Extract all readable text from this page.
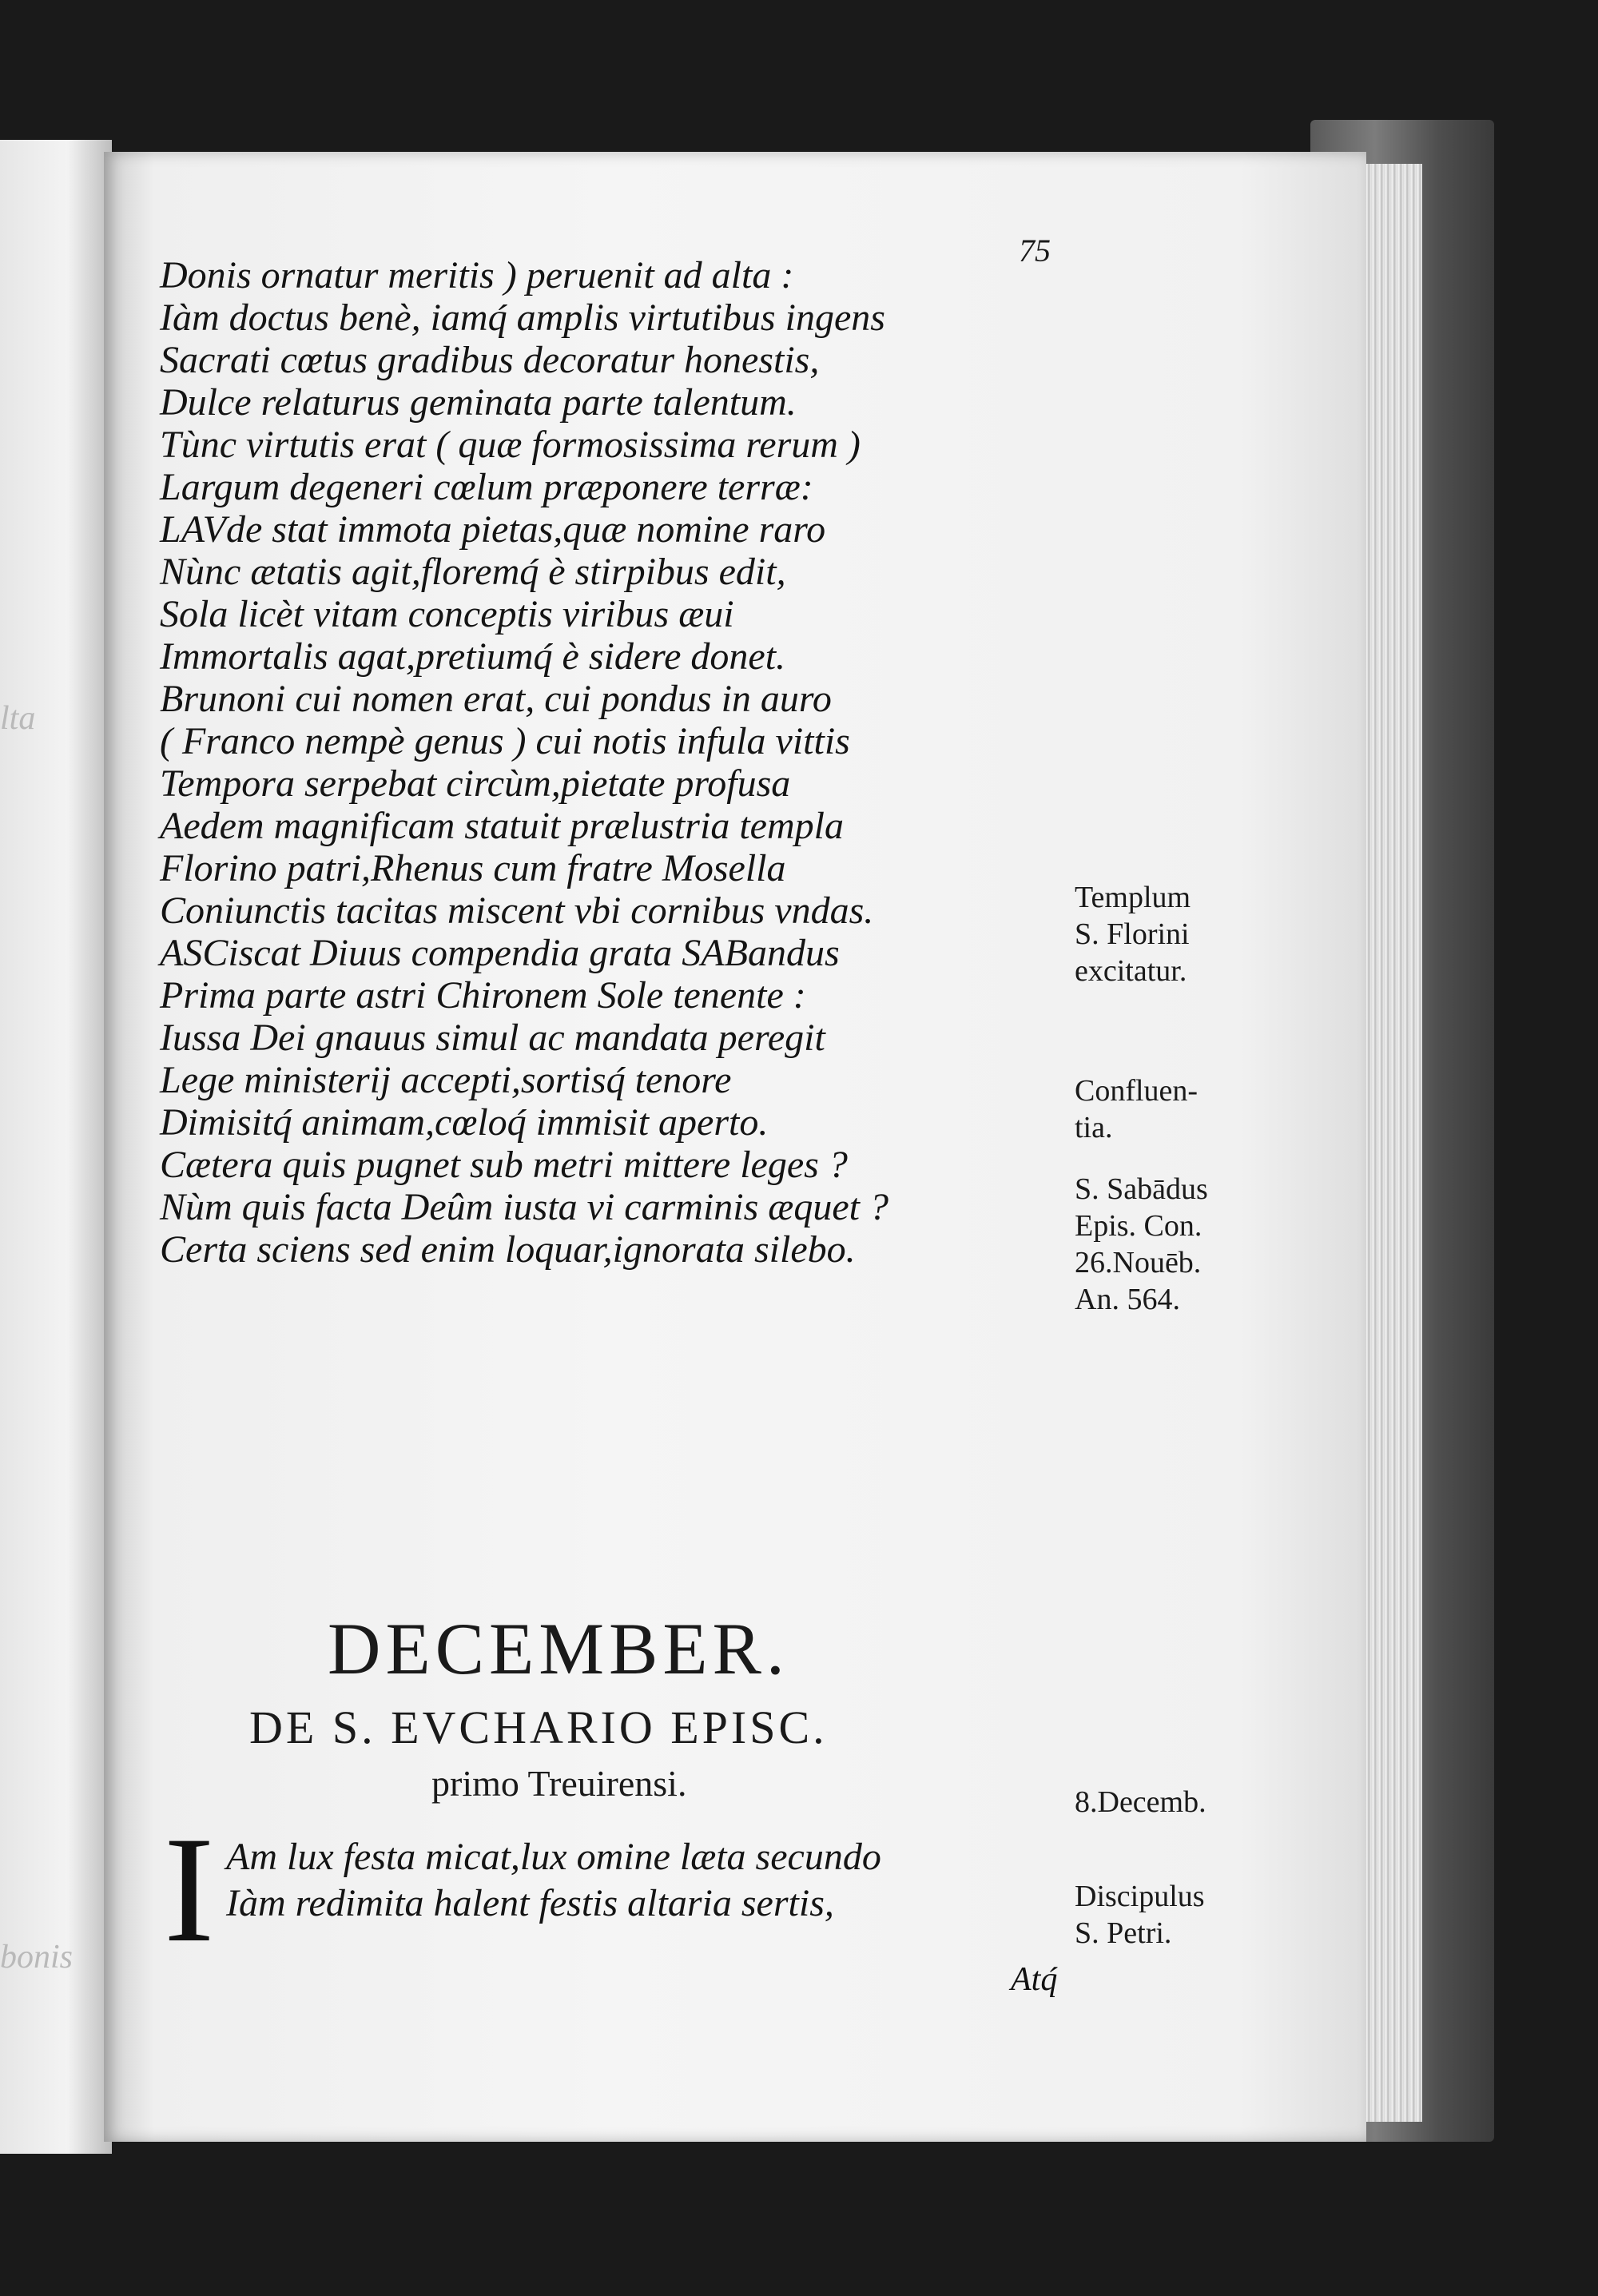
lta
bonis
75
Donis ornatur meritis ) peruenit ad alta :
Iàm doctus benè, iamq́ amplis virtutibus ingens
Sacrati cœtus gradibus decoratur honestis,
Dulce relaturus geminata parte talentum.
Tùnc virtutis erat ( quæ formosissima rerum )
Largum degeneri cœlum præponere terræ:
LAVde stat immota pietas,quæ nomine raro
Nùnc ætatis agit,floremq́ è stirpibus edit,
Sola licèt vitam conceptis viribus æui
Immortalis agat,pretiumq́ è sidere donet.
Brunoni cui nomen erat, cui pondus in auro
( Franco nempè genus ) cui notis infula vittis
Tempora serpebat circùm,pietate profusa
Aedem magnificam statuit prælustria templa
Florino patri,Rhenus cum fratre Mosella
Coniunctis tacitas miscent vbi cornibus vndas.
ASCiscat Diuus compendia grata SABandus
Prima parte astri Chironem Sole tenente :
Iussa Dei gnauus simul ac mandata peregit
Lege ministerij accepti,sortisq́ tenore
Dimisitq́ animam,cœloq́ immisit aperto.
Cætera quis pugnet sub metri mittere leges ?
Nùm quis facta Deûm iusta vi carminis æquet ?
Certa sciens sed enim loquar,ignorata silebo.
DECEMBER.
DE S. EVCHARIO EPISC.
primo Treuirensi.
I Am lux festa micat,lux omine læta secundo
Iàm redimita halent festis altaria sertis,
Atq́
Templum
S. Florini
excitatur.
Confluen-
tia.
S. Sabādus
Epis. Con.
26.Nouēb.
An. 564.
8.Decemb.
Discipulus
S. Petri.
